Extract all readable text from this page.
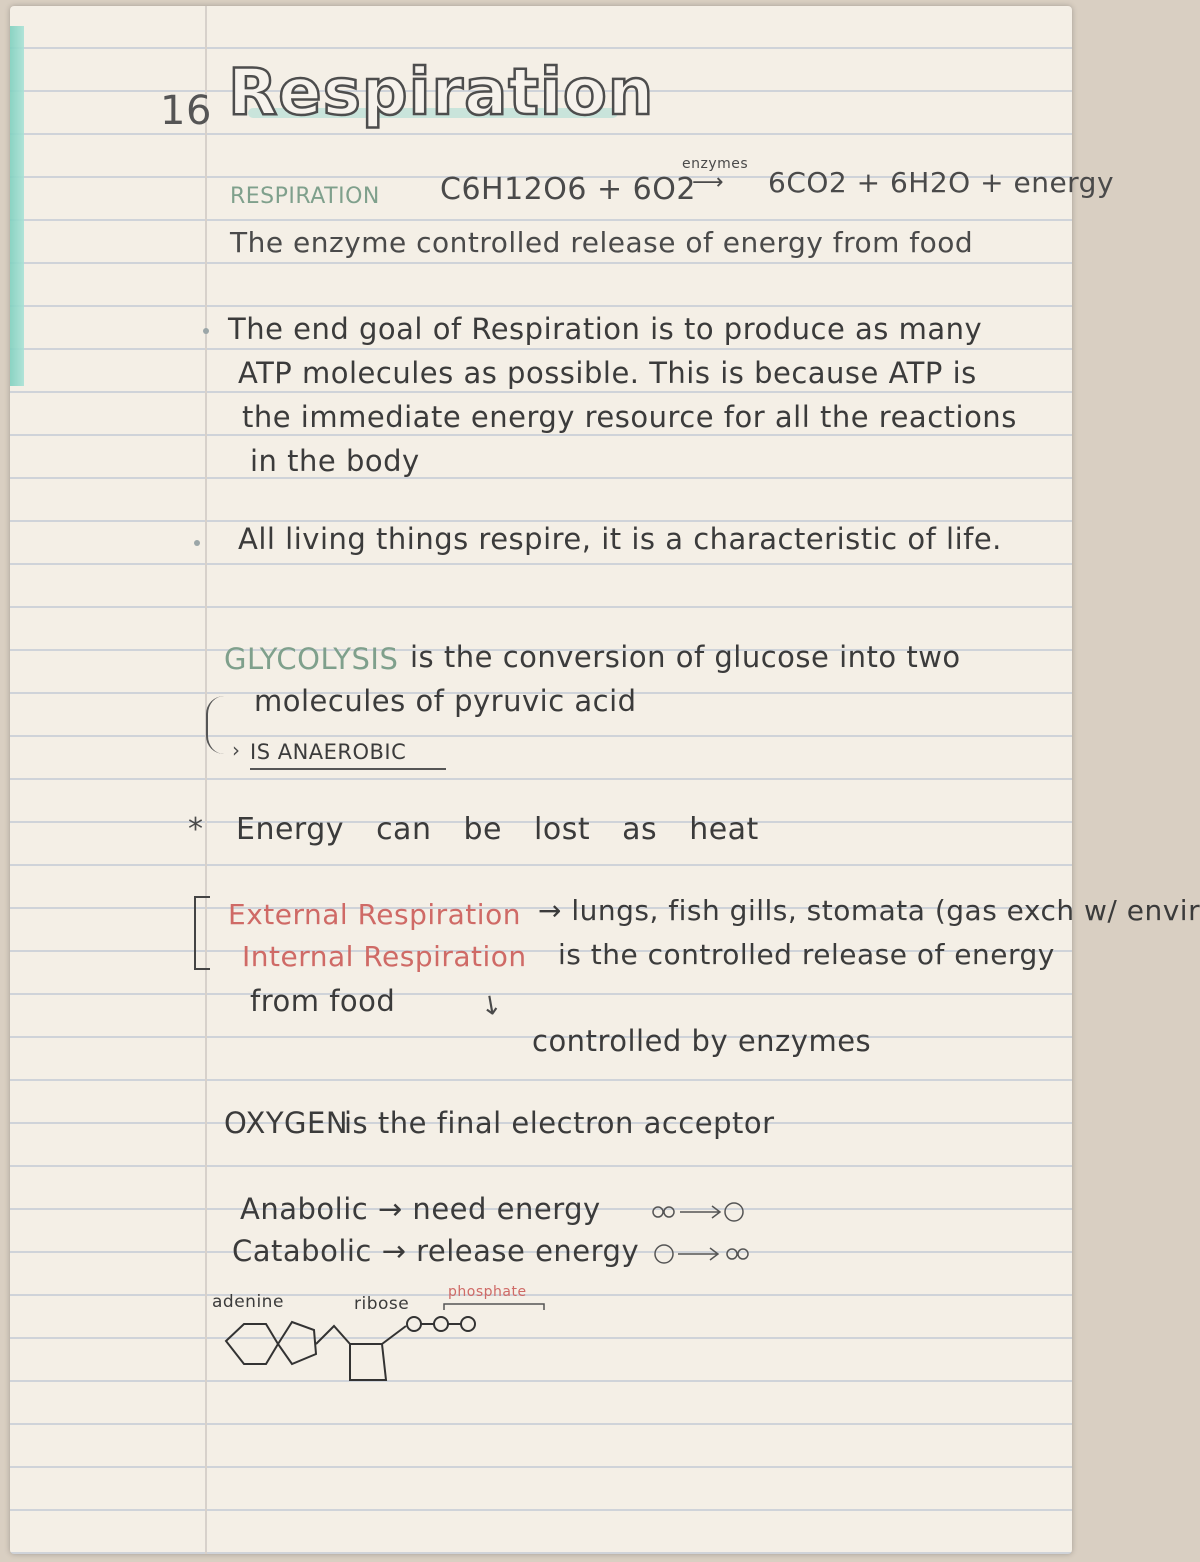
16 Respiration
RESPIRATION C6H12O6 + 6O2
enzymes
⟶ 6CO2 + 6H2O + energy
The enzyme controlled release of energy from food
The end goal of Respiration is to produce as many
ATP molecules as possible. This is because ATP is
the immediate energy resource for all the reactions
in the body
All living things respire, it is a characteristic of life.
GLYCOLYSIS is the conversion of glucose into two
molecules of pyruvic acid
› IS ANAEROBIC
* Energy can be lost as heat
External Respiration → lungs, fish gills, stomata (gas exch w/ envir
Internal Respiration is the controlled release of energy
from food	↘
controlled by enzymes
OXYGEN
is the final electron acceptor
Anabolic → need energy
Catabolic → release energy
adenine	ribose
phosphate
